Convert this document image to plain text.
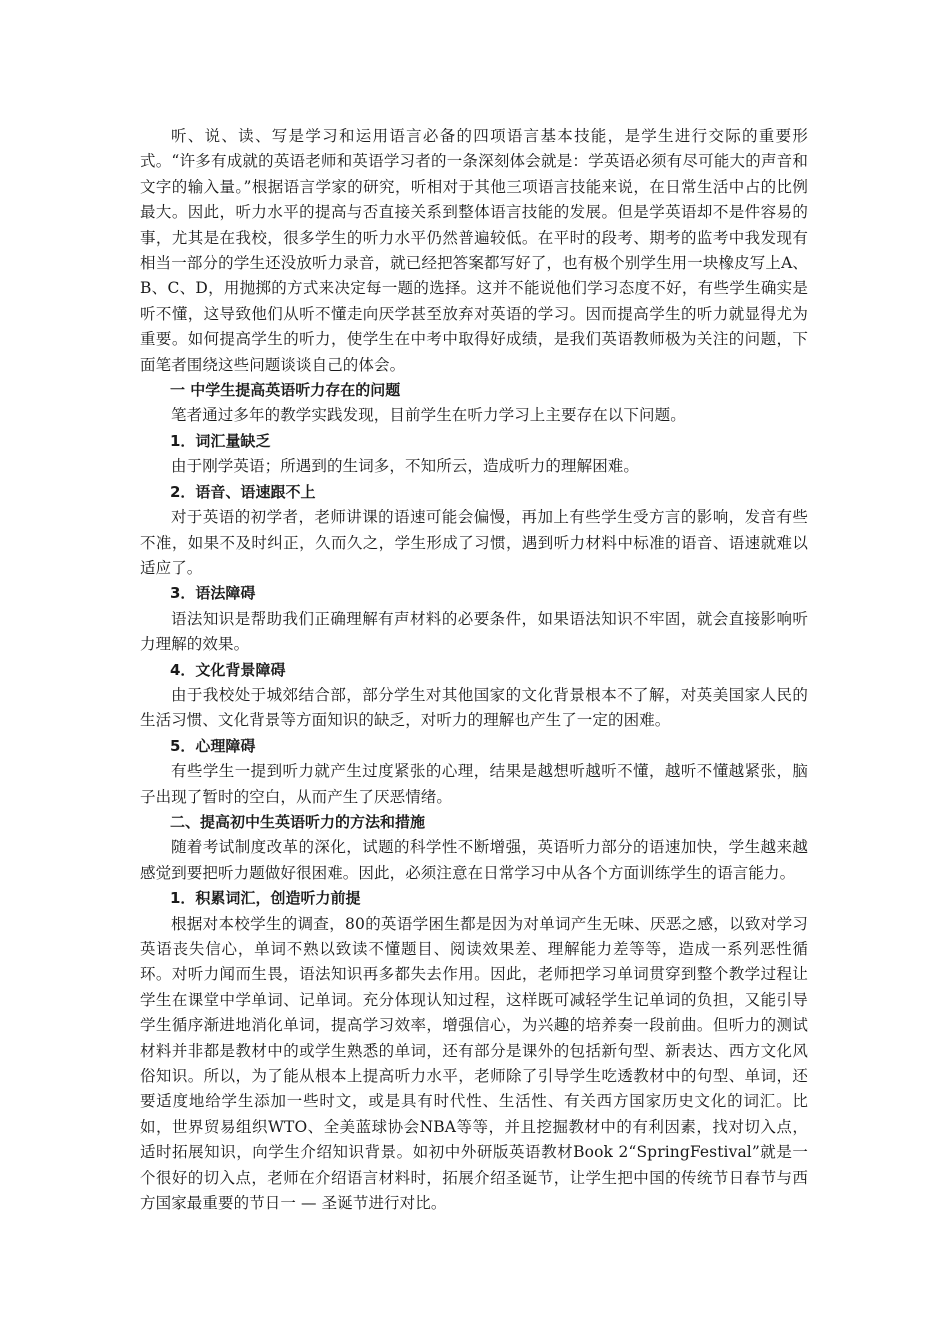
听、说、读、写是学习和运用语言必备的四项语言基本技能，是学生进行交际的重要形式。“许多有成就的英语老师和英语学习者的一条深刻体会就是：学英语必须有尽可能大的声音和文字的输入量。”根据语言学家的研究，听相对于其他三项语言技能来说，在日常生活中占的比例最大。因此，听力水平的提高与否直接关系到整体语言技能的发展。但是学英语却不是件容易的事，尤其是在我校，很多学生的听力水平仍然普遍较低。在平时的段考、期考的监考中我发现有相当一部分的学生还没放听力录音，就已经把答案都写好了，也有极个别学生用一块橡皮写上A、B、C、D，用抛掷的方式来决定每一题的选择。这并不能说他们学习态度不好，有些学生确实是听不懂，这导致他们从听不懂走向厌学甚至放弃对英语的学习。因而提高学生的听力就显得尤为重要。如何提高学生的听力，使学生在中考中取得好成绩，是我们英语教师极为关注的问题，下面笔者围绕这些问题谈谈自己的体会。

一 中学生提高英语听力存在的问题

笔者通过多年的教学实践发现，目前学生在听力学习上主要存在以下问题。

1．词汇量缺乏

由于刚学英语；所遇到的生词多，不知所云，造成听力的理解困难。

2．语音、语速跟不上

对于英语的初学者，老师讲课的语速可能会偏慢，再加上有些学生受方言的影响，发音有些不准，如果不及时纠正，久而久之，学生形成了习惯，遇到听力材料中标准的语音、语速就难以适应了。

3．语法障碍

语法知识是帮助我们正确理解有声材料的必要条件，如果语法知识不牢固，就会直接影响听力理解的效果。

4．文化背景障碍

由于我校处于城郊结合部，部分学生对其他国家的文化背景根本不了解，对英美国家人民的生活习惯、文化背景等方面知识的缺乏，对听力的理解也产生了一定的困难。

5．心理障碍

有些学生一提到听力就产生过度紧张的心理，结果是越想听越听不懂，越听不懂越紧张，脑子出现了暂时的空白，从而产生了厌恶情绪。

二、提高初中生英语听力的方法和措施

随着考试制度改革的深化，试题的科学性不断增强，英语听力部分的语速加快，学生越来越感觉到要把听力题做好很困难。因此，必须注意在日常学习中从各个方面训练学生的语言能力。

1．积累词汇，创造听力前提

根据对本校学生的调查，80的英语学困生都是因为对单词产生无味、厌恶之感，以致对学习英语丧失信心，单词不熟以致读不懂题目、阅读效果差、理解能力差等等，造成一系列恶性循环。对听力闻而生畏，语法知识再多都失去作用。因此，老师把学习单词贯穿到整个教学过程让学生在课堂中学单词、记单词。充分体现认知过程，这样既可减轻学生记单词的负担，又能引导学生循序渐进地消化单词，提高学习效率，增强信心，为兴趣的培养奏一段前曲。但听力的测试材料并非都是教材中的或学生熟悉的单词，还有部分是课外的包括新句型、新表达、西方文化风俗知识。所以，为了能从根本上提高听力水平，老师除了引导学生吃透教材中的句型、单词，还要适度地给学生添加一些时文，或是具有时代性、生活性、有关西方国家历史文化的词汇。比如，世界贸易组织WTO、全美蓝球协会NBA等等，并且挖掘教材中的有利因素，找对切入点，适时拓展知识，向学生介绍知识背景。如初中外研版英语教材Book 2“SpringFestival”就是一个很好的切入点，老师在介绍语言材料时，拓展介绍圣诞节，让学生把中国的传统节日春节与西方国家最重要的节日一 — 圣诞节进行对比。
